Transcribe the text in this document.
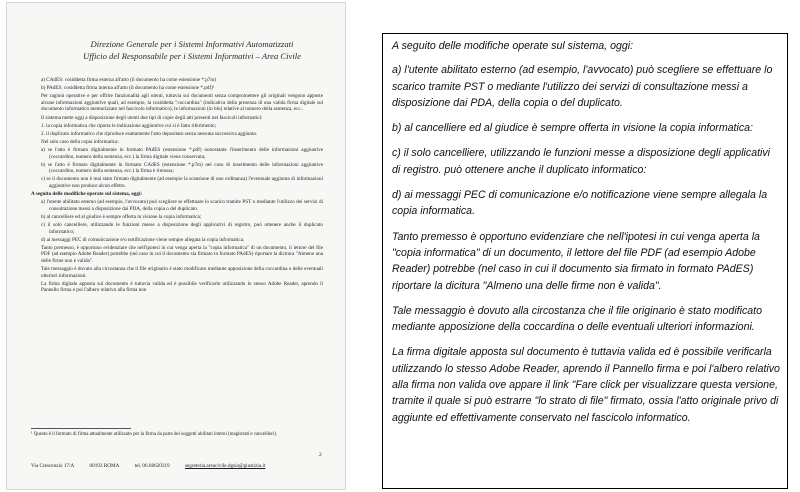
Direzione Generale per i Sistemi Informativi Automatizzati
Ufficio del Responsabile per i Sistemi Informativi – Area Civile

a) CAdES: cosiddetta firma esterna all'atto (il documento ha come estensione *.p7m)

b) PAdES: cosiddetta firma interna all'atto (il documento ha come estensione *.pdf)¹

Per ragioni operative e per offrire funzionalità agli utenti, tuttavia sui documenti senza compromettere gli originali vengono apposte alcune informazioni aggiuntive quali, ad esempio, la cosiddetta "coccardina" (indicativa della presenza di una valida firma digitale sul documento informatico memorizzato nel fascicolo informatico), le informazioni (in blu) relative al numero della sentenza, ecc..

Il sistema mette oggi a disposizione degli utenti due tipi di copie degli atti presenti nei fascicoli informatici:

1. la copia informatica che riporta le indicazione aggiuntive cui si è fatto riferimento;

2. il duplicato informatico che riproduce esattamente l'atto depositato senza nessuna successiva aggiunta.

Nel solo caso della copia informatica:

a) se l'atto è firmato digitalmente in formato PAdES (estensione *.pdf) nonostante l'inserimento delle informazioni aggiuntive (coccardino, numero della sentenza, ecc.) la firma digitale viene conservata;

b) se l'atto è firmato digitalmente in formato CAdES (estensione *.p7m) nel caso di inserimento delle informazioni aggiuntive (coccardino, numero della sentenza, ecc.) la firma è rimossa;

c) se il documento non è mai stato firmato digitalmente (ad esempio la scansione di uno ordinanza) l'eventuale aggiunta di informazioni aggiuntive non produce alcun effetto.

A seguito delle modifiche operate sul sistema, oggi:

a) l'utente abilitato esterno (ad esempio, l'avvocato) può scegliere se effettuare lo scarico tramite PST o mediante l'utilizzo dei servizi di consultazione messi a disposizione dai PDA, della copia o del duplicato.

b) al cancelliere ed al giudice è sempre offerta in visione la copia informatica;

c) il solo cancelliere, utilizzando le funzioni messe a disposizione degli applicativi di registro, può ottenere anche il duplicato informatico;

d) ai messaggi PEC di comunicazione e/o notificazione viene sempre allegata la copia informatica.

Tanto premesso, è opportuno evidenziare che nell'ipotesi in cui venga aperta la "copia informatica" di un documento, il lettore del file PDF (ad esempio Adobe Reader) potrebbe (nel caso in cui il documento sia firmato in formato PAdES) riportare la dicitura "Almeno una delle firme non è valida".

Tale messaggio è dovuto alla circostanza che il file originario è stato modificato mediante apposizione della coccardina o delle eventuali ulteriori informazioni.

La firma digitale apposta sul documento è tuttavia valida ed è possibile verificarlo utilizzando lo stesso Adobe Reader, aprendo il Pannello firma e poi l'albero relativo alla firma non

¹ Questo è il formato di firma attualmente utilizzato per la firma da parte dei soggetti abilitati interni (magistrati e cancellieri).
2
Via Crescenzio 17/A	00193 ROMA	tel. 06.68620319	segreteria.areacivile.dgsia@giustizia.it

A seguito delle modifiche operate sul sistema, oggi:

a) l'utente abilitato esterno (ad esempio, l'avvocato) può scegliere se effettuare lo scarico tramite PST o mediante l'utilizzo dei servizi di consultazione messi a disposizione dai PDA, della copia o del duplicato.

b) al cancelliere ed al giudice è sempre offerta in visione la copia informatica:

c) il solo cancelliere, utilizzando le funzioni messe a disposizione degli applicativi di registro. può ottenere anche il duplicato informatico:

d) ai messaggi PEC di comunicazione e/o notificazione viene sempre allegala la copia informatica.

Tanto premesso è opportuno evidenziare che nell'ipotesi in cui venga aperta la "copia informatica" di un documento, il lettore del file PDF (ad esempio Adobe Reader) potrebbe (nel caso in cui il documento sia firmato in formato PAdES) riportare la dicitura "Almeno una delle firme non è valida".

Tale messaggio è dovuto alla circostanza che il file originario è stato modificato mediante apposizione della coccardina o delle eventuali ulteriori informazioni.

La firma digitale apposta sul documento è tuttavia valida ed è possibile verificarla utilizzando lo stesso Adobe Reader, aprendo il Pannello firma e poi l'albero relativo alla firma non valida ove appare il link "Fare click per visualizzare questa versione, tramite il quale si può estrarre "lo strato di file" firmato, ossia l'atto originale privo di aggiunte ed effettivamente conservato nel fascicolo informatico.
